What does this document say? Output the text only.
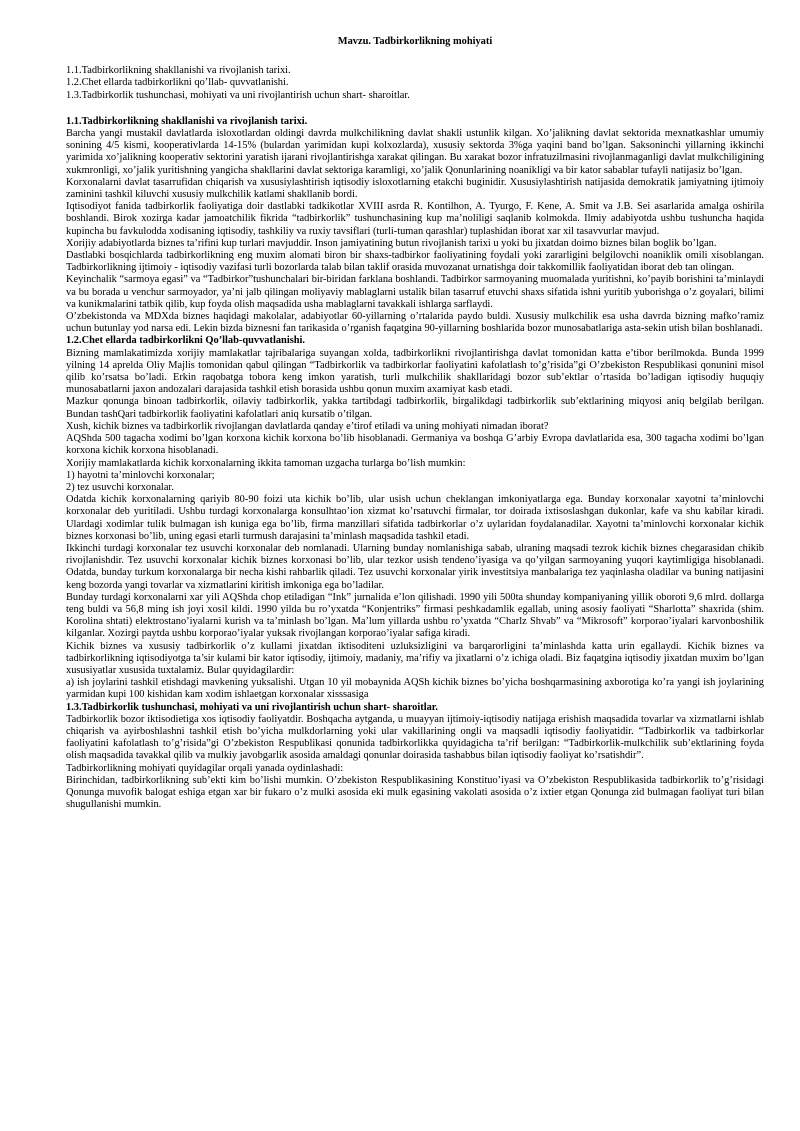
Mavzu. Tadbirkorlikning mohiyati
1.1.Tadbirkorlikning shakllanishi va rivojlanish tarixi.
1.2.Chet ellarda tadbirkorlikni qo’llab- quvvatlanishi.
1.3.Tadbirkorlik tushunchasi, mohiyati va uni rivojlantirish uchun shart- sharoitlar.
1.1.Tadbirkorlikning shakllanishi va rivojlanish tarixi.

Barcha yangi mustakil davlatlarda isloxotlardan oldingi davrda mulkchilikning davlat shakli ustunlik kilgan. Xo’jalikning davlat sektorida mexnatkashlar umumiy sonining 4/5 kismi, kooperativlarda 14-15% (bulardan yarimidan kupi kolxozlarda), xususiy sektorda 3%ga yaqini band bo’lgan. Saksoninchi yillarning ikkinchi yarimida xo’jalikning kooperativ sektorini yaratish ijarani rivojlantirishga xarakat qilingan. Bu xarakat bozor infratuzilmasini rivojlanmaganligi davlat mulkchiligining xukmronligi, xo’jalik yuritishning yangicha shakllarini davlat sektoriga karamligi, xo’jalik Qonunlarining noanikligi va bir kator sabablar tufayli natijasiz bo’lgan.

Korxonalarni davlat tasarrufidan chiqarish va xususiylashtirish iqtisodiy isloxotlarning etakchi buginidir. Xususiylashtirish natijasida demokratik jamiyatning ijtimoiy zaminini tashkil kiluvchi xususiy mulkchilik katlami shakllanib bordi.

Iqtisodiyot fanida tadbirkorlik faoliyatiga doir dastlabki tadkikotlar XVIII asrda R. Kontilhon, A. Tyurgo, F. Kene, A. Smit va J.B. Sei asarlarida amalga oshirila boshlandi. Birok xozirga kadar jamoatchilik fikrida “tadbirkorlik” tushunchasining kup ma’noliligi saqlanib kolmokda. Ilmiy adabiyotda ushbu tushuncha haqida kupincha bu favkulodda xodisaning iqtisodiy, tashkiliy va ruxiy tavsiflari (turli-tuman qarashlar) tuplashidan iborat xar xil tasavvurlar mavjud.

Xorijiy adabiyotlarda biznes ta’rifini kup turlari mavjuddir. Inson jamiyatining butun rivojlanish tarixi u yoki bu jixatdan doimo biznes bilan boglik bo’lgan.

Dastlabki bosqichlarda tadbirkorlikning eng muxim alomati biron bir shaxs-tadbirkor faoliyatining foydali yoki zararligini belgilovchi noaniklik omili xisoblangan. Tadbirkorlikning ijtimoiy - iqtisodiy vazifasi turli bozorlarda talab bilan taklif orasida muvozanat urnatishga doir takkomillik faoliyatidan iborat deb tan olingan.

Keyinchalik “sarmoya egasi” va “Tadbirkor”tushunchalari bir-biridan farklana boshlandi. Tadbirkor sarmoyaning muomalada yuritishni, ko’payib borishini ta’minlaydi va bu borada u venchur sarmoyador, ya’ni jalb qilingan moliyaviy mablaglarni ustalik bilan tasarruf etuvchi shaxs sifatida ishni yuritib yuborishga o’z goyalari, bilimi va kunikmalarini tatbik qilib, kup foyda olish maqsadida usha mablaglarni tavakkali ishlarga sarflaydi.

O’zbekistonda va MDXda biznes haqidagi makolalar, adabiyotlar 60-yillarning o’rtalarida paydo buldi. Xususiy mulkchilik esa usha davrda bizning mafko’ramiz uchun butunlay yod narsa edi. Lekin bizda biznesni fan tarikasida o’rganish faqatgina 90-yillarning boshlarida bozor munosabatlariga asta-sekin utish bilan boshlanadi.

1.2.Chet ellarda tadbirkorlikni Qo’llab-quvvatlanishi.

Bizning mamlakatimizda xorijiy mamlakatlar tajribalariga suyangan xolda, tadbirkorlikni rivojlantirishga davlat tomonidan katta e’tibor berilmokda. Bunda 1999 yilning 14 aprelda Oliy Majlis tomonidan qabul qilingan “Tadbirkorlik va tadbirkorlar faoliyatini kafolatlash to’g’risida”gi O’zbekiston Respublikasi qonunini misol qilib ko’rsatsa bo’ladi. Erkin raqobatga tobora keng imkon yaratish, turli mulkchilik shakllaridagi bozor sub’ektlar o’rtasida bo’ladigan iqtisodiy huquqiy munosabatlarni jaxon andozalari darajasida tashkil etish borasida ushbu qonun muxim axamiyat kasb etadi.

Mazkur qonunga binoan tadbirkorlik, oilaviy tadbirkorlik, yakka tartibdagi tadbirkorlik, birgalikdagi tadbirkorlik sub’ektlarining miqyosi aniq belgilab berilgan. Bundan tashQari tadbirkorlik faoliyatini kafolatlari aniq kursatib o’tilgan.

Xush, kichik biznes va tadbirkorlik rivojlangan davlatlarda qanday e’tirof etiladi va uning mohiyati nimadan iborat?

AQShda 500 tagacha xodimi bo’lgan korxona kichik korxona bo’lib hisoblanadi. Germaniya va boshqa G’arbiy Evropa davlatlarida esa, 300 tagacha xodimi bo’lgan korxona kichik korxona hisoblanadi.

Xorijiy mamlakatlarda kichik korxonalarning ikkita tamoman uzgacha turlarga bo’lish mumkin:

1) hayotni ta’minlovchi korxonalar;

2) tez usuvchi korxonalar.

Odatda kichik korxonalarning qariyib 80-90 foizi uta kichik bo’lib, ular usish uchun cheklangan imkoniyatlarga ega. Bunday korxonalar xayotni ta’minlovchi korxonalar deb yuritiladi. Ushbu turdagi korxonalarga konsulhtao’ion xizmat ko’rsatuvchi firmalar, tor doirada ixtisoslashgan dukonlar, kafe va shu kabilar kiradi. Ulardagi xodimlar tulik bulmagan ish kuniga ega bo’lib, firma manzillari sifatida tadbirkorlar o’z uylaridan foydalanadilar. Xayotni ta’minlovchi korxonalar kichik biznes korxonasi bo’lib, uning egasi etarli turmush darajasini ta’minlash maqsadida tashkil etadi.

Ikkinchi turdagi korxonalar tez usuvchi korxonalar deb nomlanadi. Ularning bunday nomlanishiga sabab, ulraning maqsadi tezrok kichik biznes chegarasidan chikib rivojlanishdir. Tez usuvchi korxonalar kichik biznes korxonasi bo’lib, ular tezkor usish tendeno’iyasiga va qo’yilgan sarmoyaning yuqori kaytimligiga hisoblanadi. Odatda, bunday turkum korxonalarga bir necha kishi rahbarlik qiladi. Tez usuvchi korxonalar yirik investitsiya manbalariga tez yaqinlasha oladilar va buning natijasini keng bozorda yangi tovarlar va xizmatlarini kiritish imkoniga ega bo’ladilar.

Bunday turdagi korxonalarni xar yili AQShda chop etiladigan “Ink” jurnalida e’lon qilishadi. 1990 yili 500ta shunday kompaniyaning yillik oboroti 9,6 mlrd. dollarga teng buldi va 56,8 ming ish joyi xosil kildi. 1990 yilda bu ro’yxatda “Konjentriks” firmasi peshkadamlik egallab, uning asosiy faoliyati “Sharlotta” shaxrida (shim. Korolina shtati) elektrostano’iyalarni kurish va ta’minlash bo’lgan. Ma’lum yillarda ushbu ro’yxatda “Charlz Shvab” va “Mikrosoft” korporao’iyalari karvonboshilik kilganlar. Xozirgi paytda ushbu korporao’iyalar yuksak rivojlangan korporao’iyalar safiga kiradi.

Kichik biznes va xususiy tadbirkorlik o’z kullami jixatdan iktisoditeni uzluksizligini va barqarorligini ta’minlashda katta urin egallaydi. Kichik biznes va tadbirkorlikning iqtisodiyotga ta’sir kulami bir kator iqtisodiy, ijtimoiy, madaniy, ma’rifiy va jixatlarni o’z ichiga oladi. Biz faqatgina iqtisodiy jixatdan muxim bo’lgan xususiyatlar xususida tuxtalamiz. Bular quyidagilardir:

a) ish joylarini tashkil etishdagi mavkening yuksalishi. Utgan 10 yil mobaynida AQSh kichik biznes bo’yicha boshqarmasining axborotiga ko’ra yangi ish joylarining yarmidan kupi 100 kishidan kam xodim ishlaetgan korxonalar xisssasiga

1.3.Tadbirkorlik tushunchasi, mohiyati va uni rivojlantirish uchun shart- sharoitlar.

Tadbirkorlik bozor iktisodietiga xos iqtisodiy faoliyatdir. Boshqacha aytganda, u muayyan ijtimoiy-iqtisodiy natijaga erishish maqsadida tovarlar va xizmatlarni ishlab chiqarish va ayirboshlashni tashkil etish bo’yicha mulkdorlarning yoki ular vakillarining ongli va maqsadli iqtisodiy faoliyatidir. “Tadbirkorlik va tadbirkorlar faoliyatini kafolatlash to’g’risida”gi O’zbekiston Respublikasi qonunida tadbirkorlikka quyidagicha ta’rif berilgan: “Tadbirkorlik-mulkchilik sub’ektlarining foyda olish maqsadida tavakkal qilib va mulkiy javobgarlik asosida amaldagi qonunlar doirasida tashabbus bilan iqtisodiy faoliyat ko’rsatishdir”.

Tadbirkorlikning mohiyati quyidagilar orqali yanada oydinlashadi:

Birinchidan, tadbirkorlikning sub’ekti kim bo’lishi mumkin. O’zbekiston Respublikasining Konstituo’iyasi va O’zbekiston Respublikasida tadbirkorlik to’g’risidagi Qonunga muvofik balogat eshiga etgan xar bir fukaro o’z mulki asosida eki mulk egasining vakolati asosida o’z ixtier etgan Qonunga zid bulmagan faoliyat turi bilan shugullanishi mumkin.
